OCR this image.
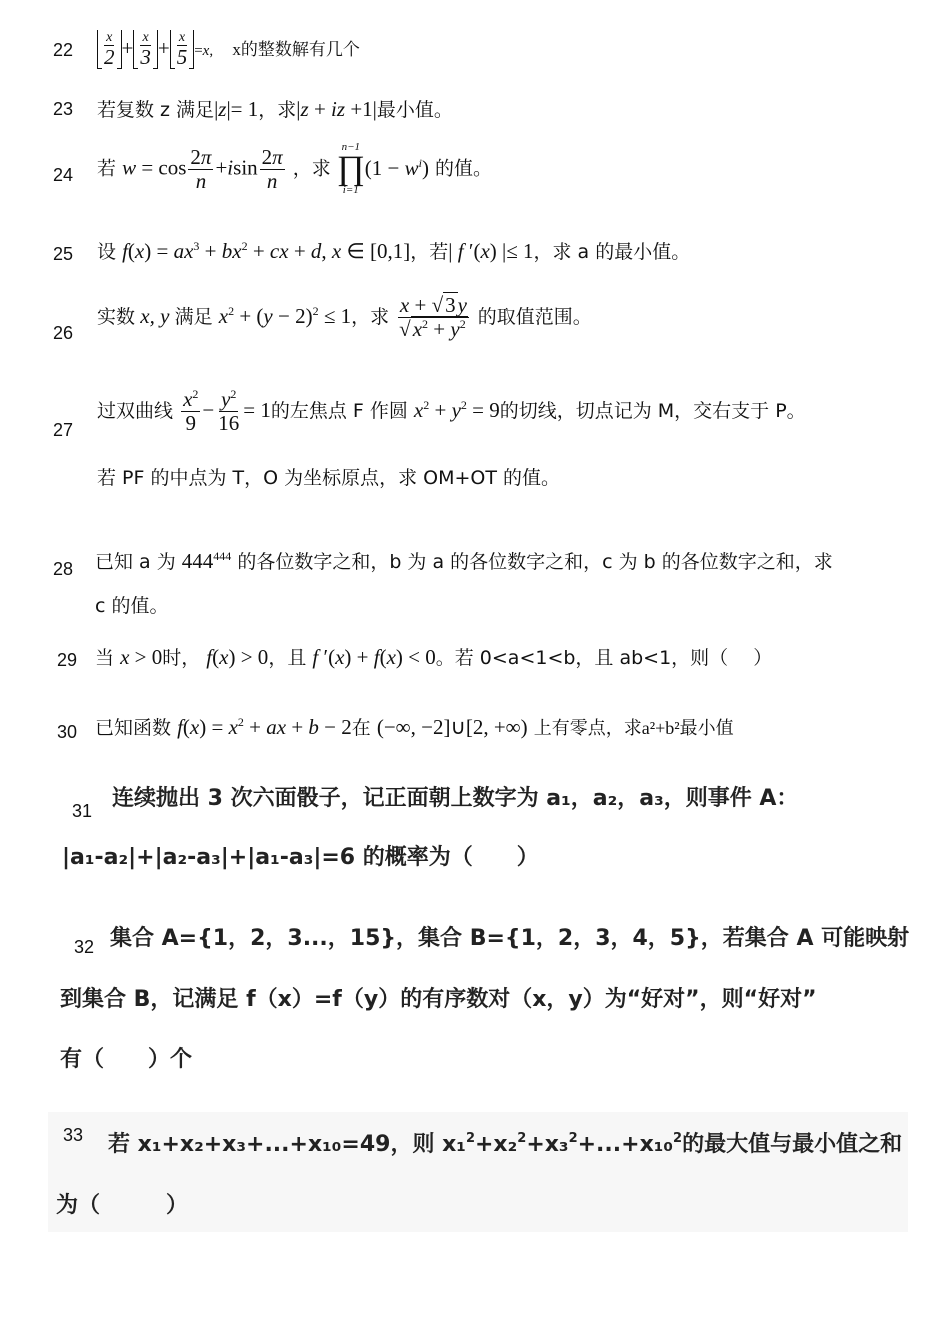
$22 \frac{x}{2} + \frac{x}{3} + \frac{x}{5} =x$, x的整数解有几个
23 若复数 z 满足|z|= 1，求|z + iz +1|最小值。
24 若 $w = \cos \frac{2\pi}{n} +isin \frac{2\pi}{n}$ ，求
n−1
∏
i=1
$(1 - w^i)$ 的值。
25 设 $f(x) = ax^3 + bx^2$ + cx + d, x ∈ [0,1]，若| f ′(x) |≤ 1，求 a 的最小值。
26
实数 x, y 满足 $x^2 + (y - 2)^2 \le 1$，求 $\frac{x + √3y}{√x^2 + y^2}$ 的取值范围。
27
过双曲线 $\frac{x^2}{9} - \frac{y^2}{16} = 1$的左焦点 F 作圆 $x^2 + y^2 = 9$的切线，切点记为 M，交右支于 P。
若 PF 的中点为 T，O 为坐标原点，求 OM+OT 的值。
28 已知 a 为 $444^{444}$ 的各位数字之和，b 为 a 的各位数字之和，c 为 b 的各位数字之和，求
c 的值。
29 当 x > 0时， f(x) > 0，且 f ′(x) + f(x) < 0。若 0<a<1<b，且 ab<1，则（　 ）
30 已知函数 $f(x) = x^2$ + ax + b − 2在 (−∞, −2]∪[2, +∞) 上有零点，求a²+b²最小值
31 连续抛出 3 次六面骰子，记正面朝上数字为 a₁，a₂，a₃，则事件 A：
|a₁-a₂|+|a₂-a₃|+|a₁-a₃|=6 的概率为（　　）
32 集合 A={1，2，3...，15}，集合 B={1，2，3，4，5}，若集合 A 可能映射
到集合 B，记满足 f（x）=f（y）的有序数对（x，y）为“好对”，则“好对”
有（　　）个
33 若 x₁+x₂+x₃+...+x₁₀=49，则 x₁$^2$+x₂$^2$+x₃$^2$+...+x₁₀$^2$的最大值与最小值之和
为（　　　）
